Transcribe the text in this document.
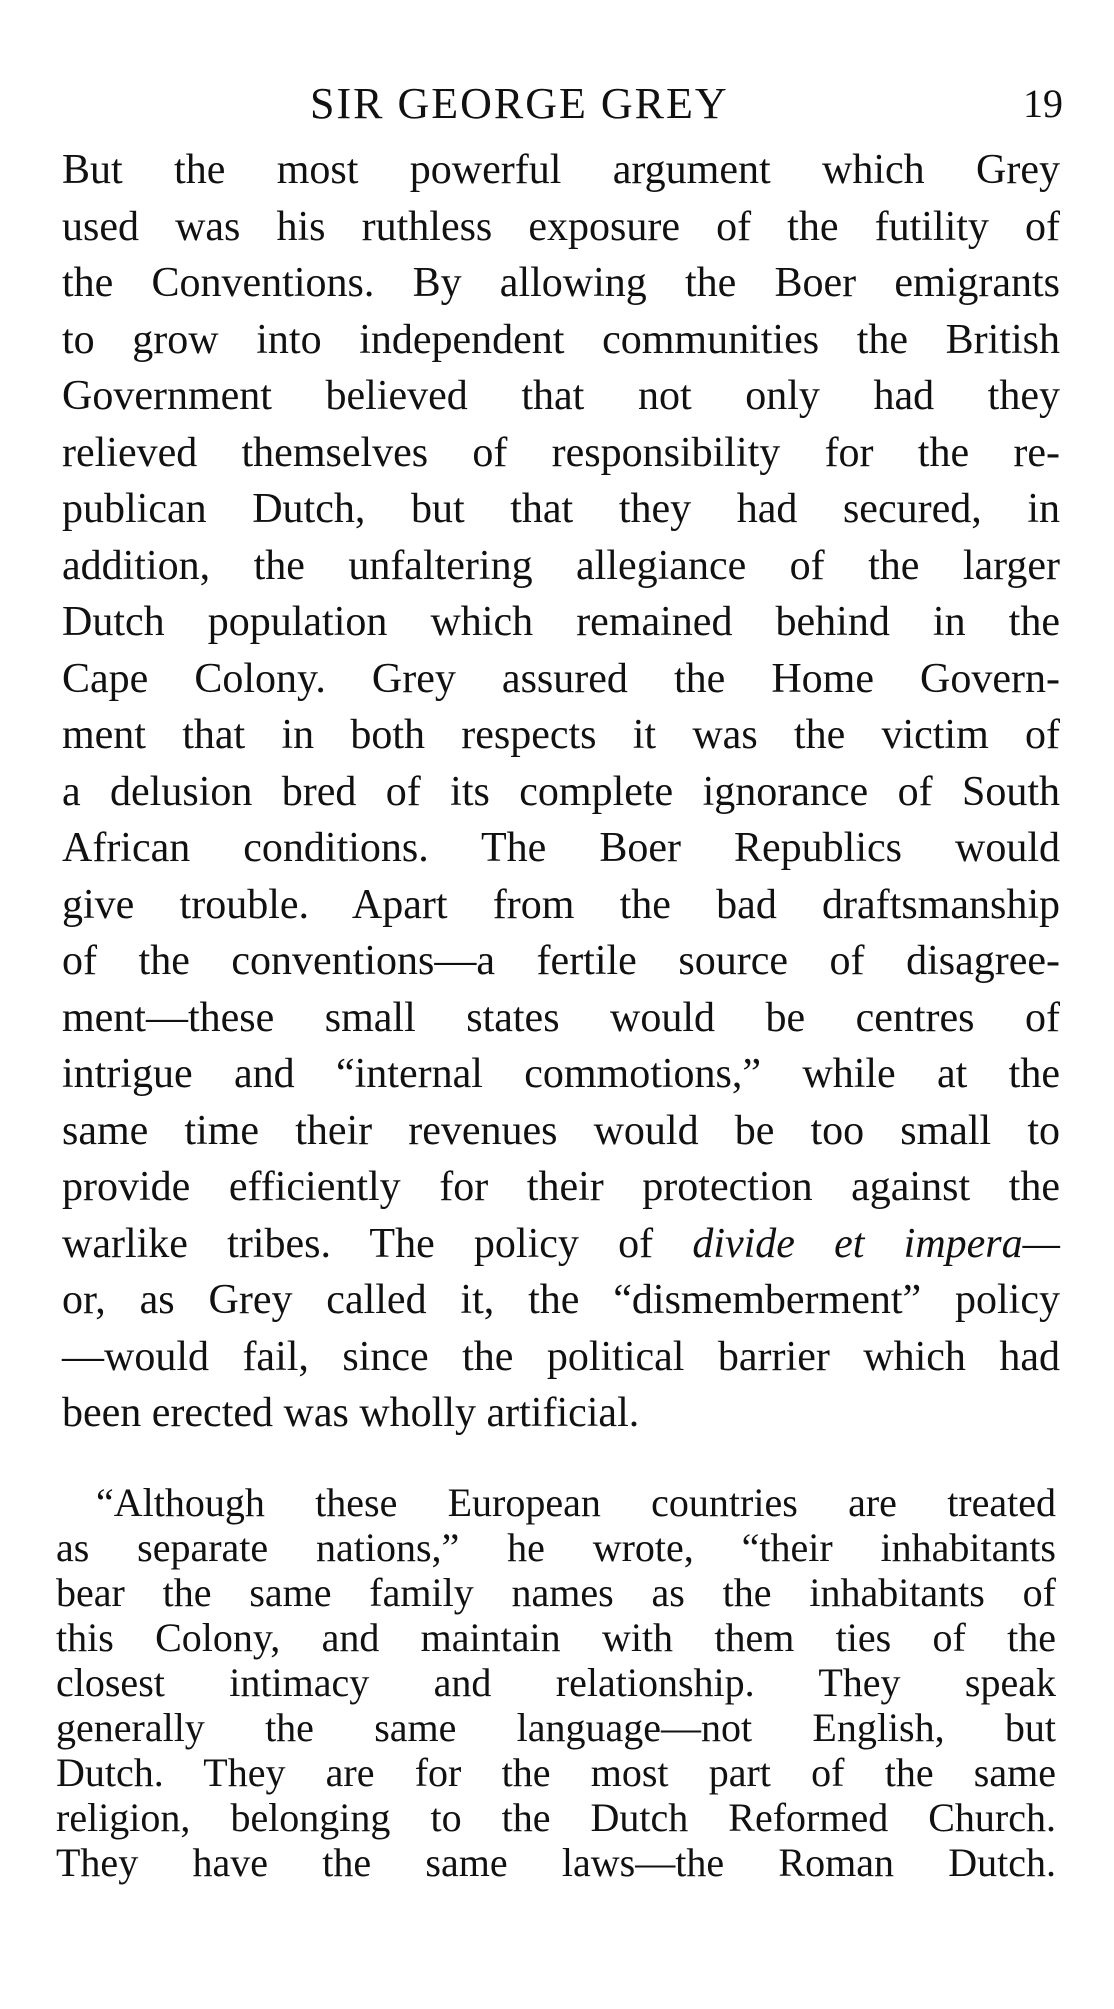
SIR GEORGE GREY	19
But the most powerful argument which Grey
used was his ruthless exposure of the futility of
the Conventions. By allowing the Boer emigrants
to grow into independent communities the British
Government believed that not only had they
relieved themselves of responsibility for the re-
publican Dutch, but that they had secured, in
addition, the unfaltering allegiance of the larger
Dutch population which remained behind in the
Cape Colony. Grey assured the Home Govern-
ment that in both respects it was the victim of
a delusion bred of its complete ignorance of South
African conditions. The Boer Republics would
give trouble. Apart from the bad draftsmanship
of the conventions—a fertile source of disagree-
ment—these small states would be centres of
intrigue and “internal commotions,” while at the
same time their revenues would be too small to
provide efficiently for their protection against the
warlike tribes. The policy of divide et impera—
or, as Grey called it, the “dismemberment” policy
—would fail, since the political barrier which had
been erected was wholly artificial.
“Although these European countries are treated
as separate nations,” he wrote, “their inhabitants
bear the same family names as the inhabitants of
this Colony, and maintain with them ties of the
closest intimacy and relationship. They speak
generally the same language—not English, but
Dutch. They are for the most part of the same
religion, belonging to the Dutch Reformed Church.
They have the same laws—the Roman Dutch.
